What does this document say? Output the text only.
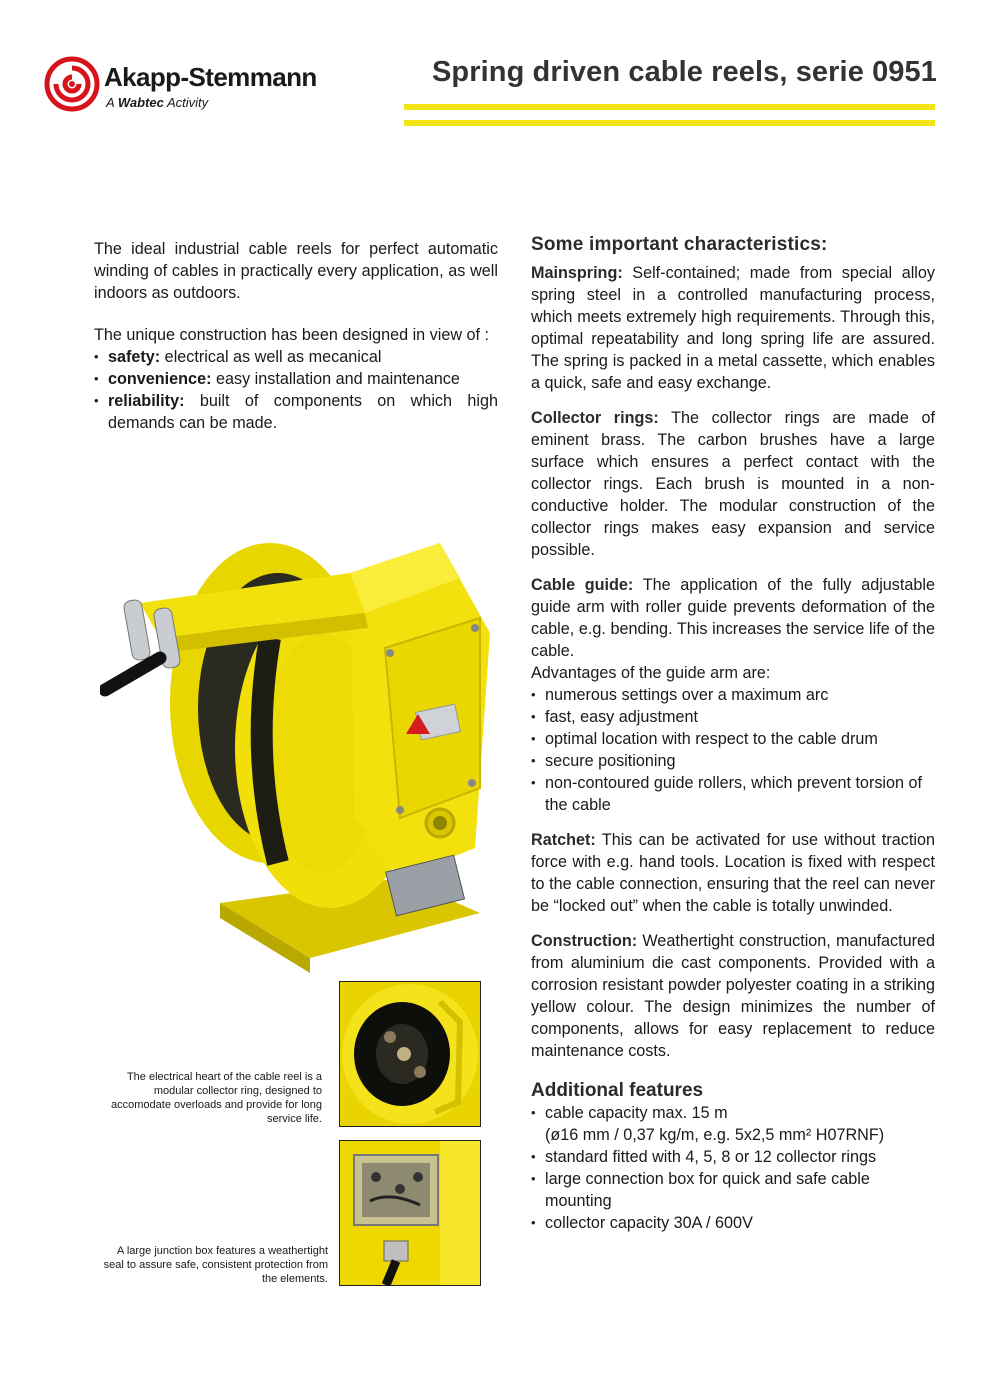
Akapp-Stemmann
A Wabtec Activity
Spring driven cable reels, serie 0951

The ideal industrial cable reels for perfect automatic winding of cables in practically every application, as well indoors as outdoors.

The unique construction has been designed in view of :

• safety: electrical as well as mecanical
• convenience: easy installation and maintenance
• reliability: built of components on which high demands can be made.
The electrical heart of the cable reel is a modular collector ring, designed to accomodate overloads and provide for long service life.
A large junction box features a weathertight seal to assure safe, consistent protection from the elements.
Some important characteristics:

Mainspring: Self-contained; made from special alloy spring steel in a controlled manufacturing process, which meets extremely high requirements. Through this, optimal repeatability and long spring life are assured. The spring is packed in a metal cassette, which enables a quick, safe and easy exchange.

Collector rings: The collector rings are made of eminent brass. The carbon brushes have a large surface which ensures a perfect contact with the collector rings. Each brush is mounted in a non-conductive holder. The modular construction of the collector rings makes easy expansion and service possible.

Cable guide: The application of the fully adjustable guide arm with roller guide prevents deformation of the cable, e.g. bending. This increases the service life of the cable.

Advantages of the guide arm are:
• numerous settings over a maximum arc
• fast, easy adjustment
• optimal location with respect to the cable drum
• secure positioning
• non-contoured guide rollers, which prevent torsion of the cable

Ratchet: This can be activated for use without traction force with e.g. hand tools. Location is fixed with respect to the cable connection, ensuring that the reel can never be “locked out” when the cable is totally unwinded.

Construction: Weathertight construction, manufactured from aluminium die cast components. Provided with a corrosion resistant powder polyester coating in a striking yellow colour. The design minimizes the number of components, allows for easy replacement to reduce maintenance costs.

Additional features
• cable capacity max. 15 m
(ø16 mm / 0,37 kg/m, e.g. 5x2,5 mm² H07RNF)
• standard fitted with 4, 5, 8 or 12 collector rings
• large connection box for quick and safe cable mounting
• collector capacity 30A / 600V
